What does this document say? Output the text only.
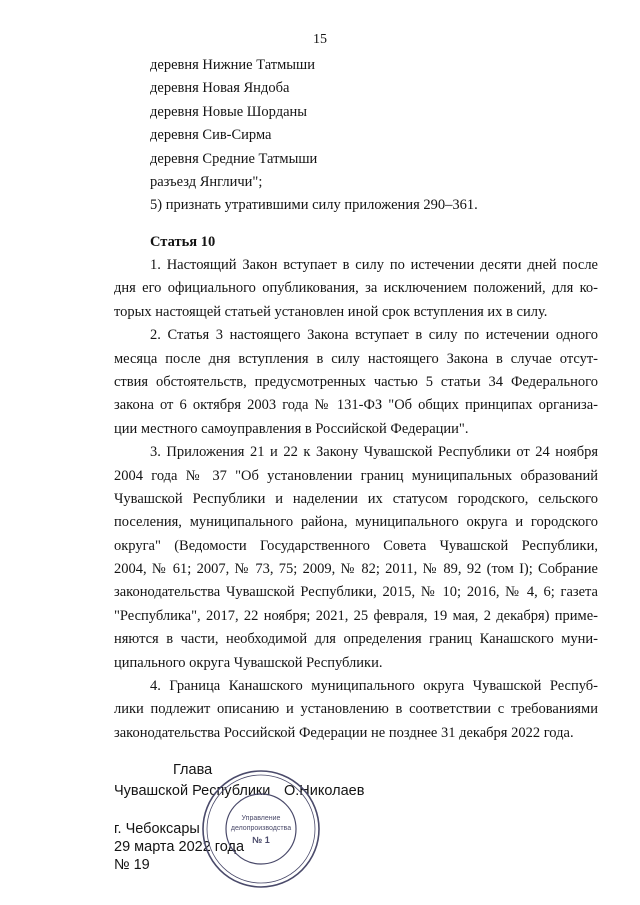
15
деревня Нижние Татмыши
деревня Новая Яндоба
деревня Новые Шорданы
деревня Сив-Сирма
деревня Средние Татмыши
разъезд Янгличи";
5) признать утратившими силу приложения 290–361.
Статья 10
1. Настоящий Закон вступает в силу по истечении десяти дней после
дня его официального опубликования, за исключением положений, для ко-
торых настоящей статьей установлен иной срок вступления их в силу.
2. Статья 3 настоящего Закона вступает в силу по истечении одного
месяца после дня вступления в силу настоящего Закона в случае отсут-
ствия обстоятельств, предусмотренных частью 5 статьи 34 Федерального
закона от 6 октября 2003 года № 131-ФЗ "Об общих принципах организа-
ции местного самоуправления в Российской Федерации".
3. Приложения 21 и 22 к Закону Чувашской Республики от 24 ноября
2004 года № 37 "Об установлении границ муниципальных образований
Чувашской Республики и наделении их статусом городского, сельского
поселения, муниципального района, муниципального округа и городского
округа" (Ведомости Государственного Совета Чувашской Республики,
2004, № 61; 2007, № 73, 75; 2009, № 82; 2011, № 89, 92 (том I); Собрание
законодательства Чувашской Республики, 2015, № 10; 2016, № 4, 6; газета
"Республика", 2017, 22 ноября; 2021, 25 февраля, 19 мая, 2 декабря) приме-
няются в части, необходимой для определения границ Канашского муни-
ципального округа Чувашской Республики.
4. Граница Канашского муниципального округа Чувашской Респуб-
лики подлежит описанию и установлению в соответствии с требованиями
законодательства Российской Федерации не позднее 31 декабря 2022 года.
Глава
Чувашской Республики О.Николаев
г. Чебоксары
29 марта 2022 года
№ 19
Управление
делопроизводства
№ 1
